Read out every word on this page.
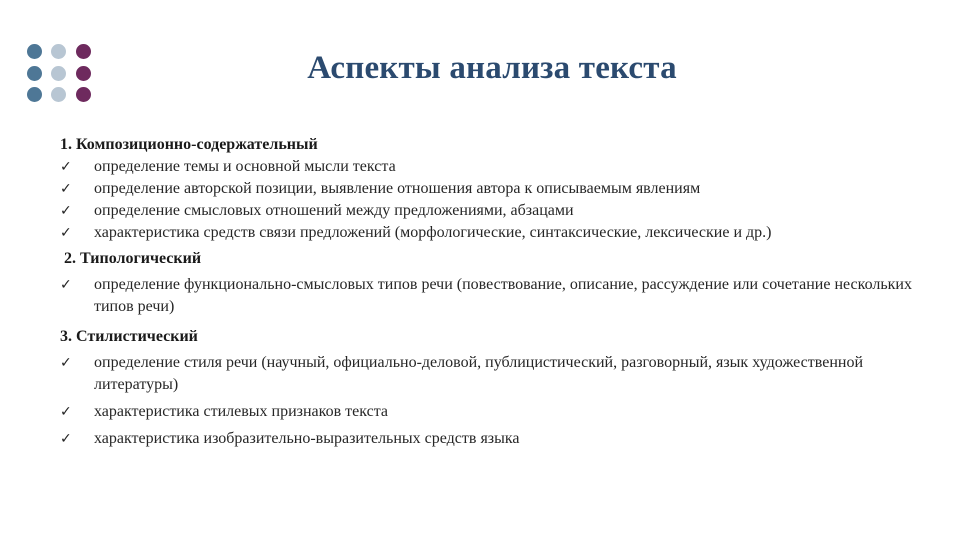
Аспекты анализа текста
1. Композиционно-содержательный
✓ определение темы и основной мысли текста
✓ определение авторской позиции, выявление отношения автора к описываемым явлениям
✓ определение смысловых отношений между предложениями, абзацами
✓ характеристика средств связи предложений (морфологические, синтаксические, лексические и др.)
2. Типологический
✓ определение функционально-смысловых типов речи (повествование, описание, рассуждение или сочетание нескольких типов речи)
3. Стилистический
✓ определение стиля речи (научный, официально-деловой, публицистический, разговорный, язык художественной литературы)
✓ характеристика стилевых признаков текста
✓ характеристика изобразительно-выразительных средств языка
